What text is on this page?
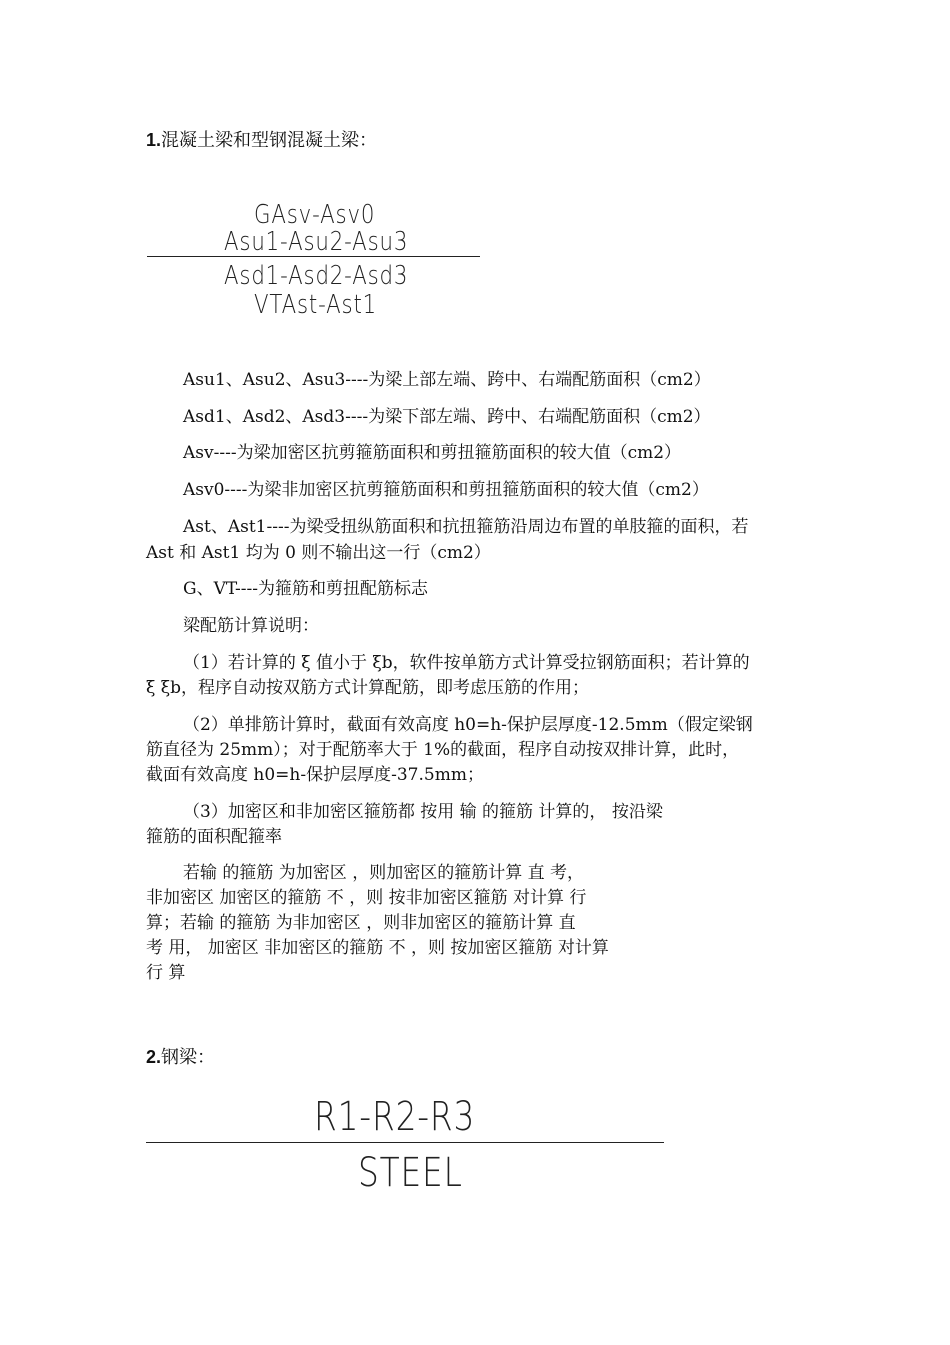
1.混凝土梁和型钢混凝土梁：
GAsv-Asv0
Asu1-Asu2-Asu3
Asd1-Asd2-Asd3
VTAst-Ast1
Asu1、Asu2、Asu3----为梁上部左端、跨中、右端配筋面积（cm2）
Asd1、Asd2、Asd3----为梁下部左端、跨中、右端配筋面积（cm2）
Asv----为梁加密区抗剪箍筋面积和剪扭箍筋面积的较大值（cm2）
Asv0----为梁非加密区抗剪箍筋面积和剪扭箍筋面积的较大值（cm2）
Ast、Ast1----为梁受扭纵筋面积和抗扭箍筋沿周边布置的单肢箍的面积，若
Ast 和 Ast1 均为 0 则不输出这一行（cm2）
G、VT----为箍筋和剪扭配筋标志
梁配筋计算说明：
（1）若计算的 ξ 值小于 ξb，软件按单筋方式计算受拉钢筋面积；若计算的
ξ ξb，程序自动按双筋方式计算配筋，即考虑压筋的作用；
（2）单排筋计算时，截面有效高度 h0=h-保护层厚度-12.5mm（假定梁钢
筋直径为 25mm）；对于配筋率大于 1%的截面，程序自动按双排计算，此时，
截面有效高度 h0=h-保护层厚度-37.5mm；
（3）加密区和非加密区箍筋都 按用 输 的箍筋 计算的， 按沿梁
箍筋的面积配箍率
若输 的箍筋 为加密区 ，则加密区的箍筋计算 直 考，
非加密区 加密区的箍筋 不 ，则 按非加密区箍筋 对计算 行
算；若输 的箍筋 为非加密区 ，则非加密区的箍筋计算 直
考 用， 加密区 非加密区的箍筋 不 ，则 按加密区箍筋 对计算
行 算
2.钢梁：
R1-R2-R3
STEEL
